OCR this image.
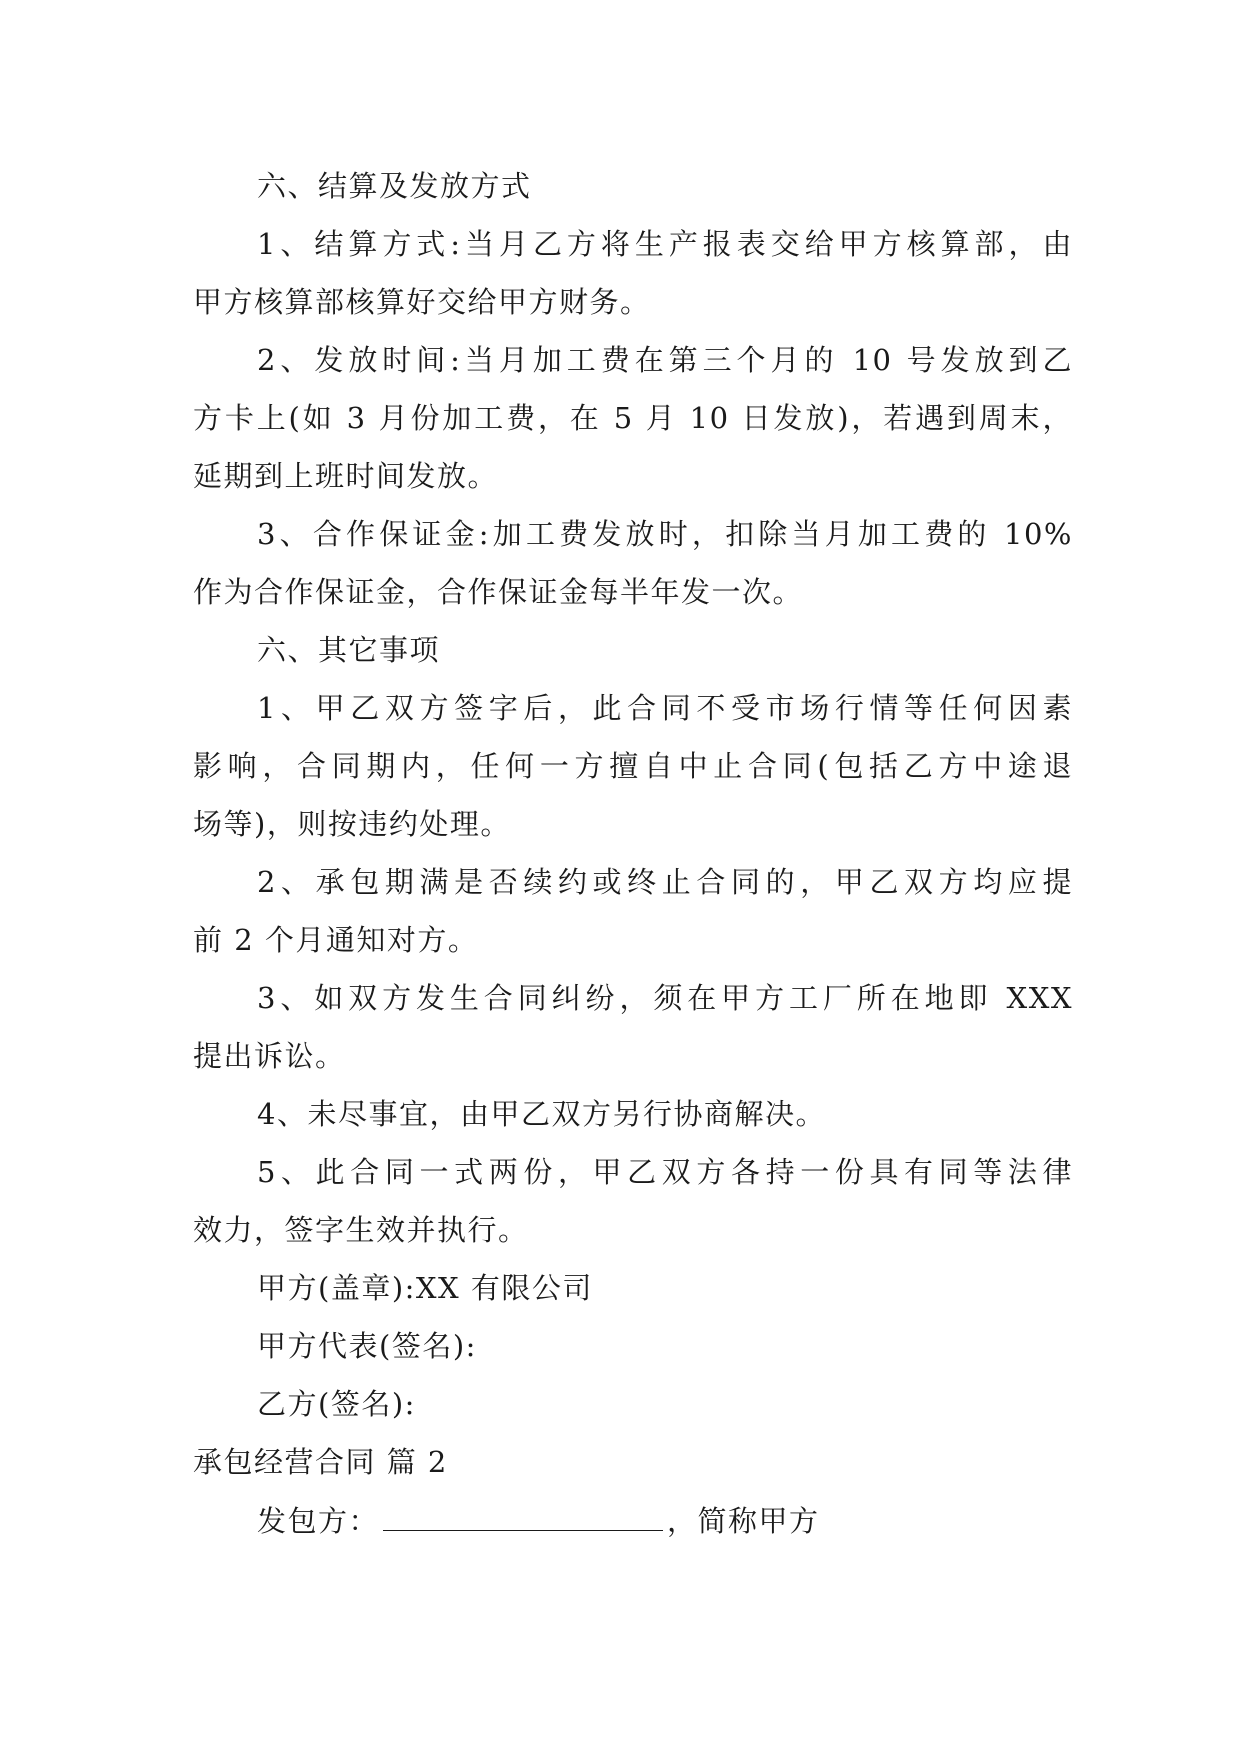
六、结算及发放方式
1、结算方式:当月乙方将生产报表交给甲方核算部，由
甲方核算部核算好交给甲方财务。
2、发放时间:当月加工费在第三个月的 10 号发放到乙
方卡上(如 3 月份加工费，在 5 月 10 日发放)，若遇到周末，
延期到上班时间发放。
3、合作保证金:加工费发放时，扣除当月加工费的 10%
作为合作保证金，合作保证金每半年发一次。
六、其它事项
1、甲乙双方签字后，此合同不受市场行情等任何因素
影响，合同期内，任何一方擅自中止合同(包括乙方中途退
场等)，则按违约处理。
2、承包期满是否续约或终止合同的，甲乙双方均应提
前 2 个月通知对方。
3、如双方发生合同纠纷，须在甲方工厂所在地即 XXX
提出诉讼。
4、未尽事宜，由甲乙双方另行协商解决。
5、此合同一式两份，甲乙双方各持一份具有同等法律
效力，签字生效并执行。
甲方(盖章):XX 有限公司
甲方代表(签名):
乙方(签名):
承包经营合同 篇 2
发包方：	，简称甲方
